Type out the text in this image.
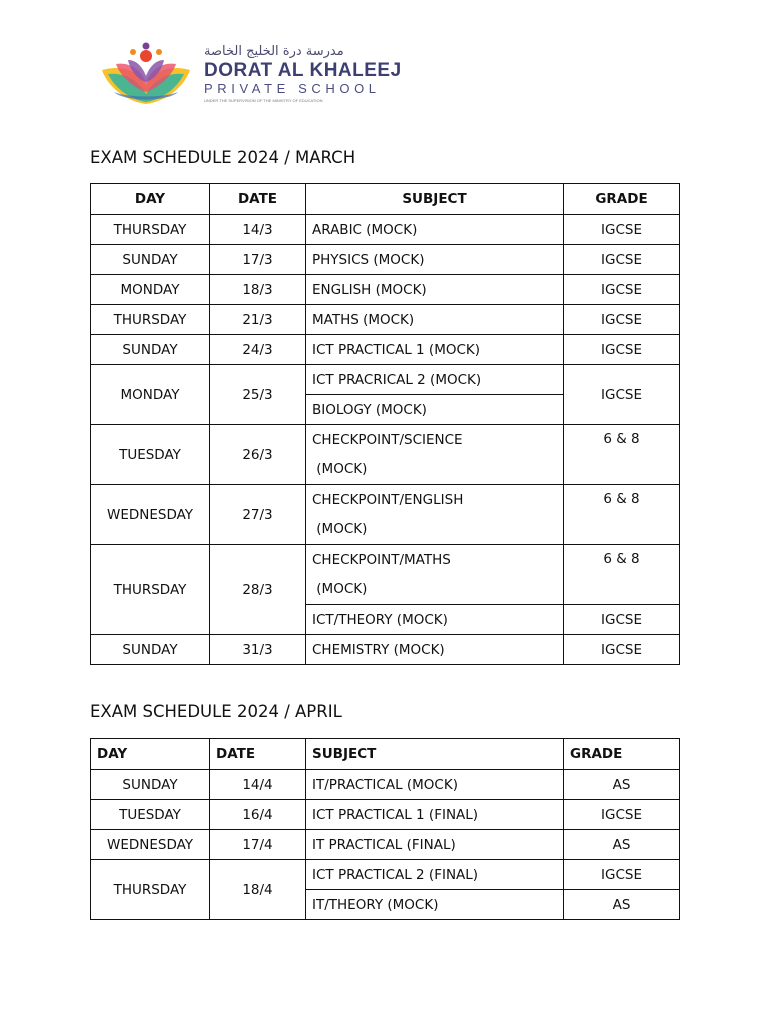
مدرسة درة الخليج الخاصة
DORAT AL KHALEEJ
PRIVATE SCHOOL
UNDER THE SUPERVISION OF THE MINISTRY OF EDUCATION
EXAM SCHEDULE 2024 / MARCH
DAY	DATE	SUBJECT	GRADE
THURSDAY	14/3	ARABIC (MOCK)	IGCSE
SUNDAY	17/3	PHYSICS (MOCK)	IGCSE
MONDAY	18/3	ENGLISH (MOCK)	IGCSE
THURSDAY	21/3	MATHS (MOCK)	IGCSE
SUNDAY	24/3	ICT PRACTICAL 1 (MOCK)	IGCSE
MONDAY	25/3	ICT PRACRICAL 2 (MOCK)	IGCSE
		BIOLOGY (MOCK)	
TUESDAY	26/3	CHECKPOINT/SCIENCE
(MOCK)	6 & 8
WEDNESDAY	27/3	CHECKPOINT/ENGLISH
(MOCK)	6 & 8
THURSDAY	28/3	CHECKPOINT/MATHS
(MOCK)	6 & 8
		ICT/THEORY (MOCK)	IGCSE
SUNDAY	31/3	CHEMISTRY (MOCK)	IGCSE
EXAM SCHEDULE 2024 / APRIL
DAY	DATE	SUBJECT	GRADE
SUNDAY	14/4	IT/PRACTICAL (MOCK)	AS
TUESDAY	16/4	ICT PRACTICAL 1 (FINAL)	IGCSE
WEDNESDAY	17/4	IT PRACTICAL (FINAL)	AS
THURSDAY	18/4	ICT PRACTICAL 2 (FINAL)	IGCSE
		IT/THEORY (MOCK)	AS
